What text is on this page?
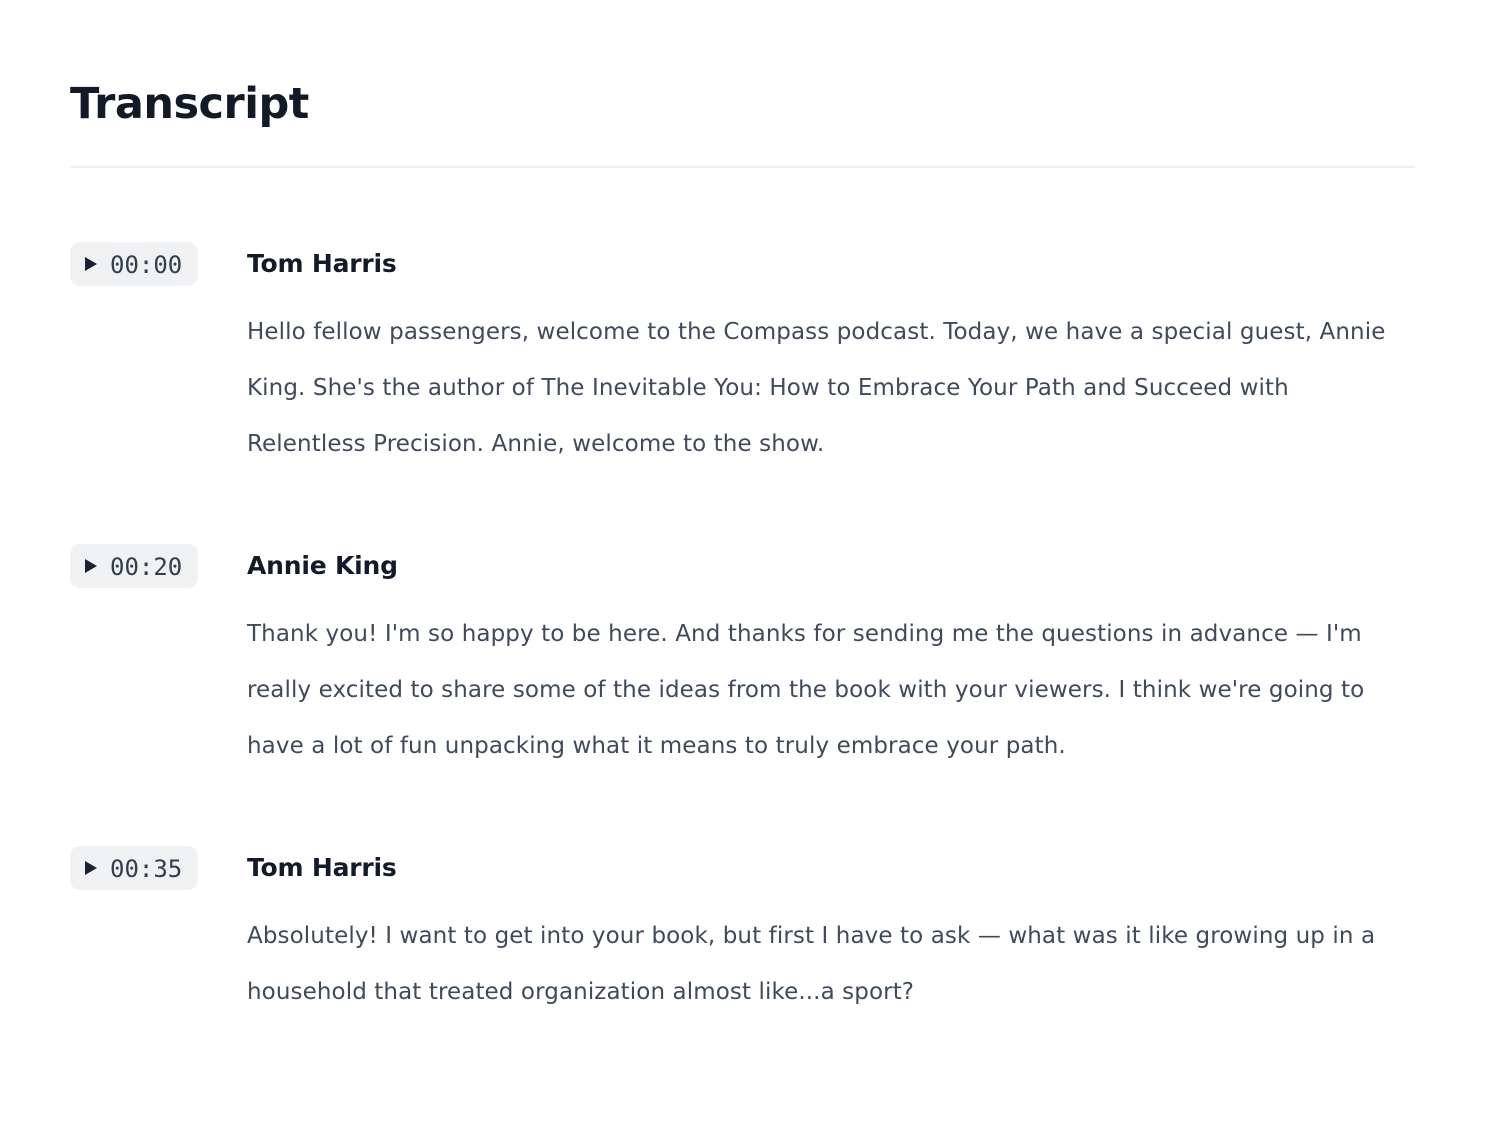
Transcript
00:00	Tom Harris

Hello fellow passengers, welcome to the Compass podcast. Today, we have a special guest, Annie King. She's the author of The Inevitable You: How to Embrace Your Path and Succeed with Relentless Precision. Annie, welcome to the show.

00:20	Annie King

Thank you! I'm so happy to be here. And thanks for sending me the questions in advance — I'm really excited to share some of the ideas from the book with your viewers. I think we're going to have a lot of fun unpacking what it means to truly embrace your path.

00:35	Tom Harris

Absolutely! I want to get into your book, but first I have to ask — what was it like growing up in a household that treated organization almost like...a sport?
